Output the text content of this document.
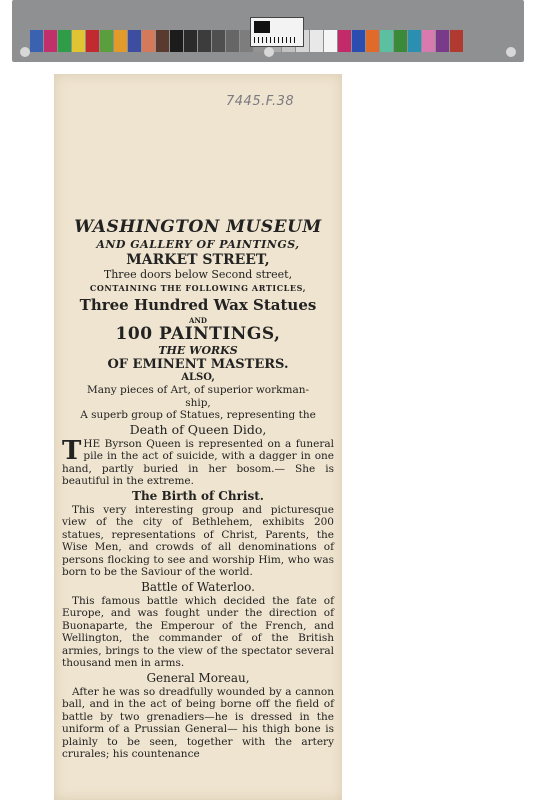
7445.F.38

WASHINGTON MUSEUM

AND GALLERY OF PAINTINGS,

MARKET STREET,

Three doors below Second street,

CONTAINING THE FOLLOWING ARTICLES,

Three Hundred Wax Statues

AND

100 PAINTINGS,

THE WORKS

OF EMINENT MASTERS.

ALSO,

Many pieces of Art, of superior workman-

ship,

A superb group of Statues, representing the

Death of Queen Dido,

THE Byrson Queen is represented on a funeral pile in the act of suicide, with a dagger in one hand, partly buried in her bosom.— She is beautiful in the extreme.

The Birth of Christ.

This very interesting group and picturesque view of the city of Bethlehem, exhibits 200 statues, representations of Christ, Parents, the Wise Men, and crowds of all denominations of persons flocking to see and worship Him, who was born to be the Saviour of the world.

Battle of Waterloo.

This famous battle which decided the fate of Europe, and was fought under the direction of Buonaparte, the Emperour of the French, and Wellington, the commander of of the British armies, brings to the view of the spectator several thousand men in arms.

General Moreau,

After he was so dreadfully wounded by a cannon ball, and in the act of being borne off the field of battle by two grenadiers—he is dressed in the uniform of a Prussian General— his thigh bone is plainly to be seen, together with the artery crurales; his countenance
